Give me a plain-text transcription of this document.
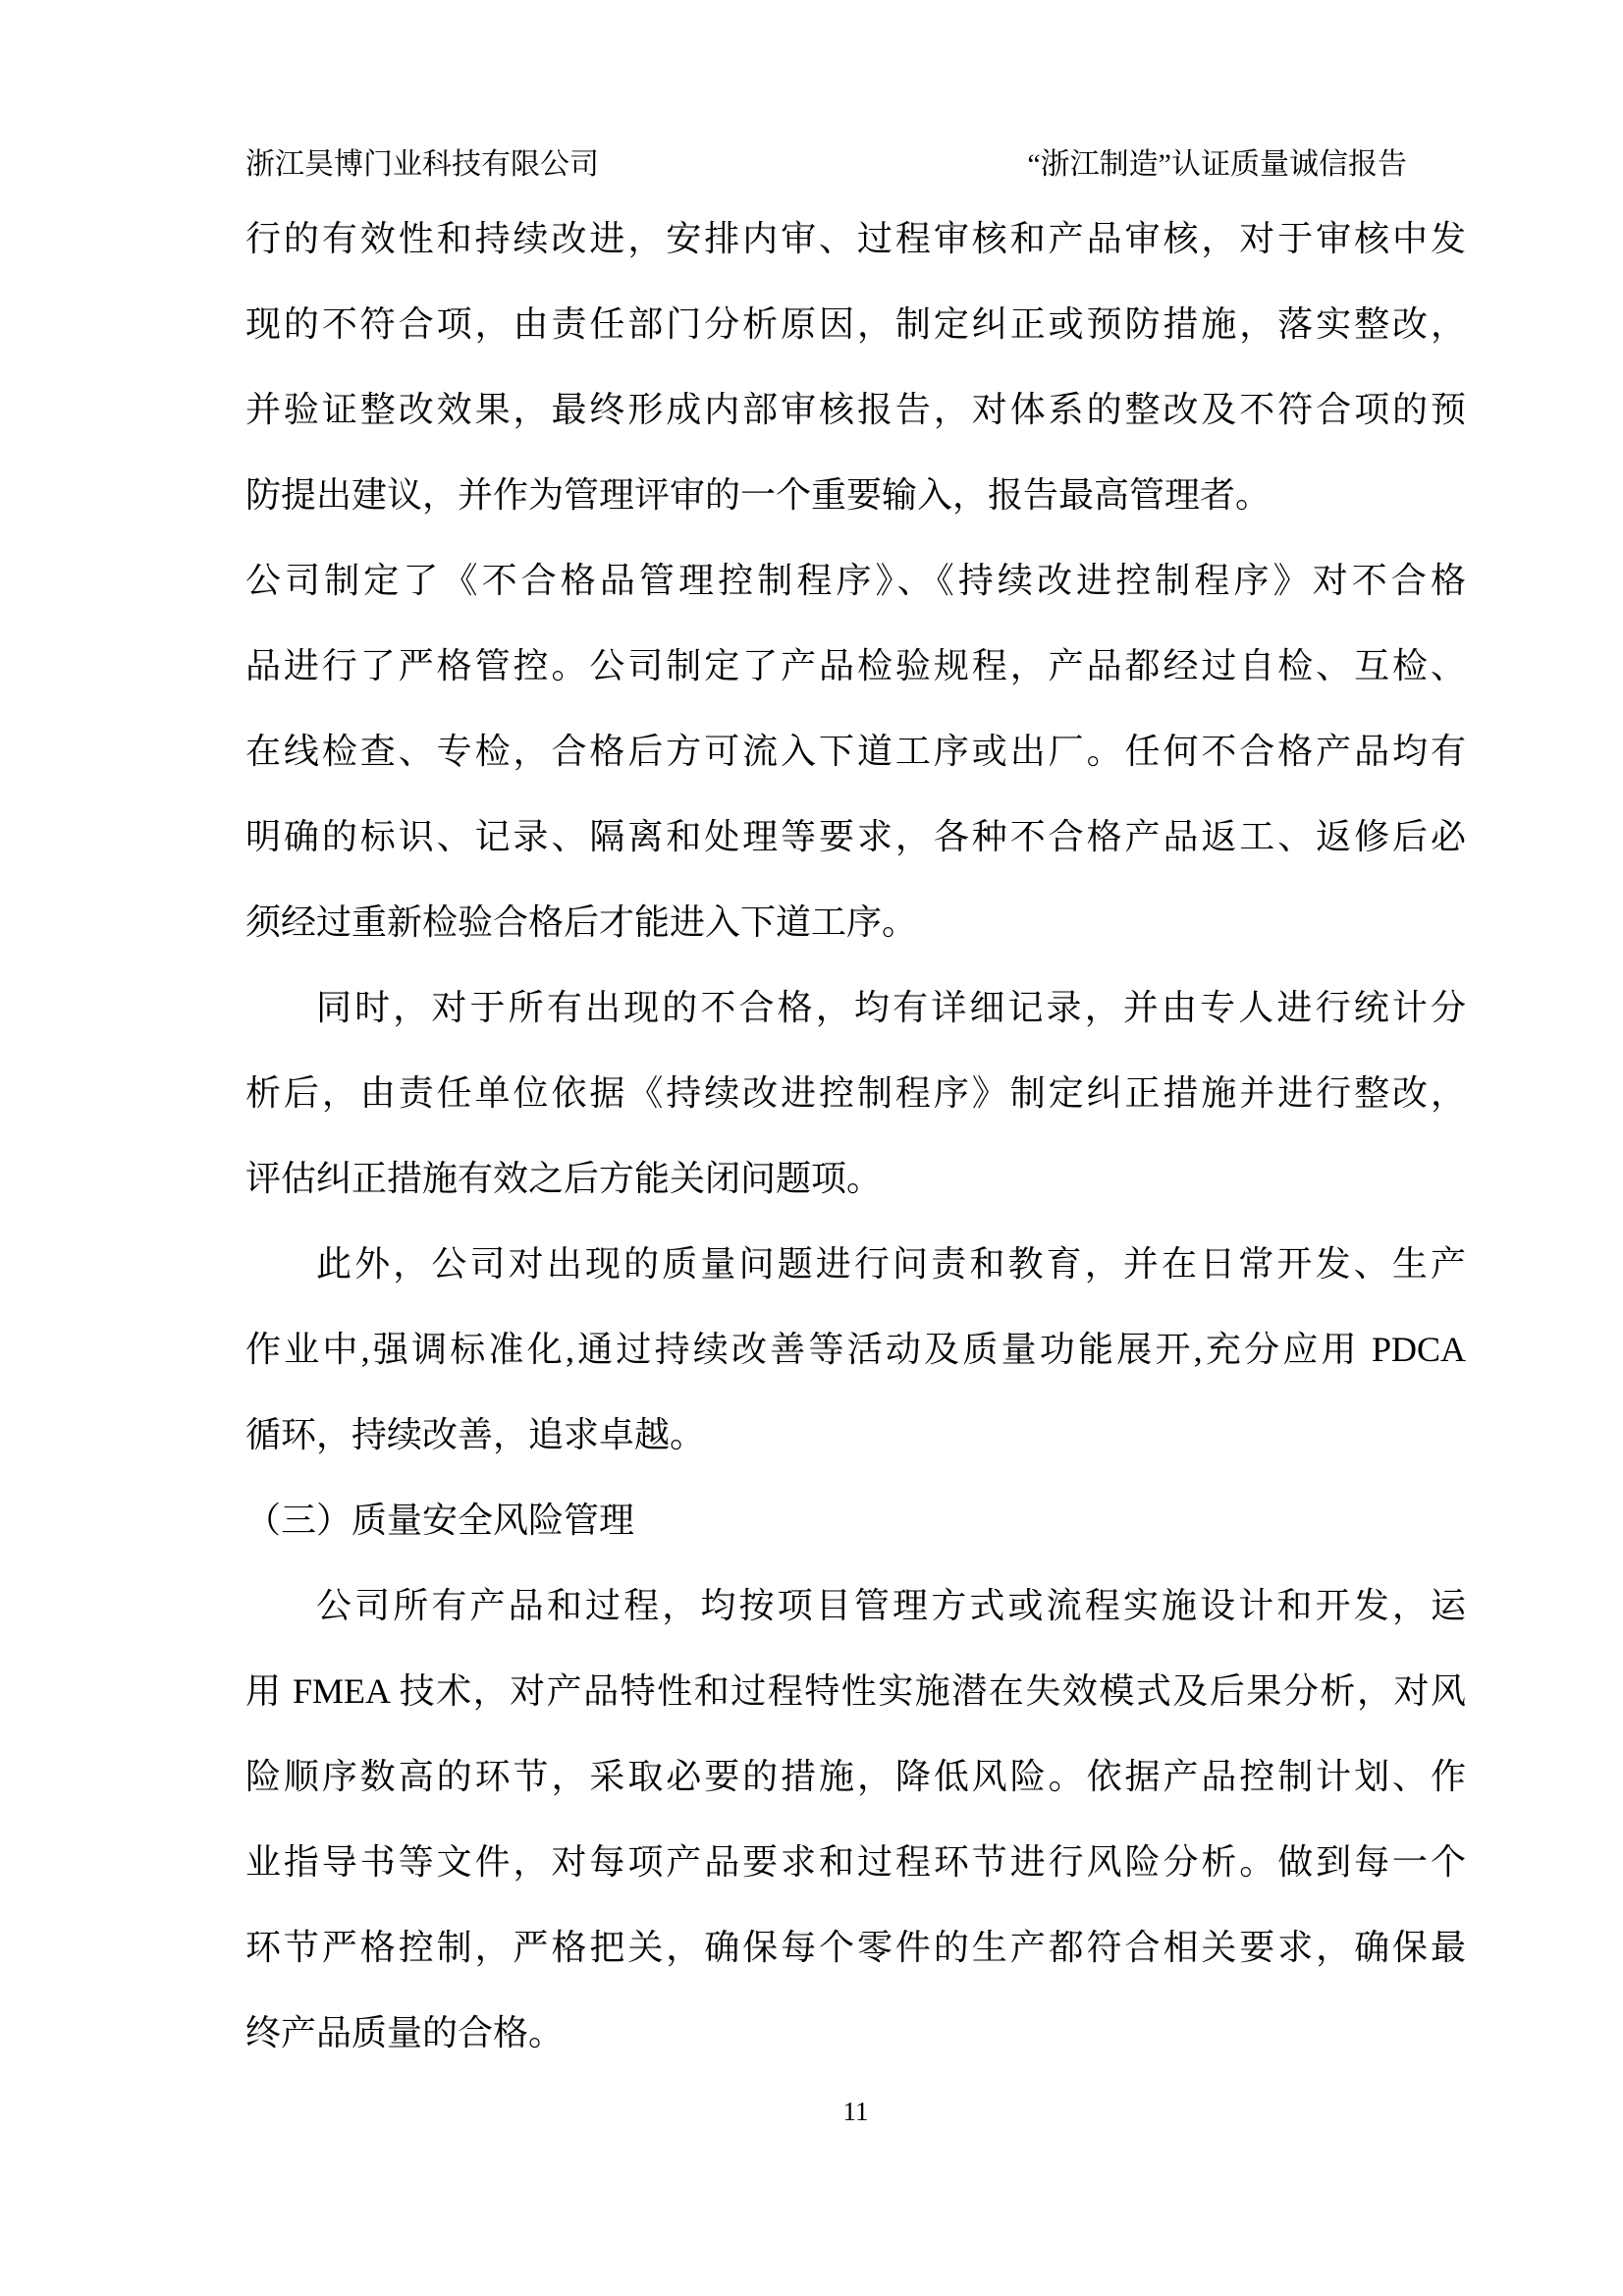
浙江昊博门业科技有限公司	“浙江制造”认证质量诚信报告
行的有效性和持续改进，安排内审、过程审核和产品审核，对于审核中发
现的不符合项，由责任部门分析原因，制定纠正或预防措施，落实整改，
并验证整改效果，最终形成内部审核报告，对体系的整改及不符合项的预
防提出建议，并作为管理评审的一个重要输入，报告最高管理者。
公司制定了《不合格品管理控制程序》、《持续改进控制程序》对不合格
品进行了严格管控。公司制定了产品检验规程，产品都经过自检、互检、
在线检查、专检，合格后方可流入下道工序或出厂。任何不合格产品均有
明确的标识、记录、隔离和处理等要求，各种不合格产品返工、返修后必
须经过重新检验合格后才能进入下道工序。
同时，对于所有出现的不合格，均有详细记录，并由专人进行统计分
析后，由责任单位依据《持续改进控制程序》制定纠正措施并进行整改，
评估纠正措施有效之后方能关闭问题项。
此外，公司对出现的质量问题进行问责和教育，并在日常开发、生产
作业中,强调标准化,通过持续改善等活动及质量功能展开,充分应用 PDCA
循环，持续改善，追求卓越。
（三）质量安全风险管理
公司所有产品和过程，均按项目管理方式或流程实施设计和开发，运
用 FMEA 技术，对产品特性和过程特性实施潜在失效模式及后果分析，对风
险顺序数高的环节，采取必要的措施，降低风险。依据产品控制计划、作
业指导书等文件，对每项产品要求和过程环节进行风险分析。做到每一个
环节严格控制，严格把关，确保每个零件的生产都符合相关要求，确保最
终产品质量的合格。
11
